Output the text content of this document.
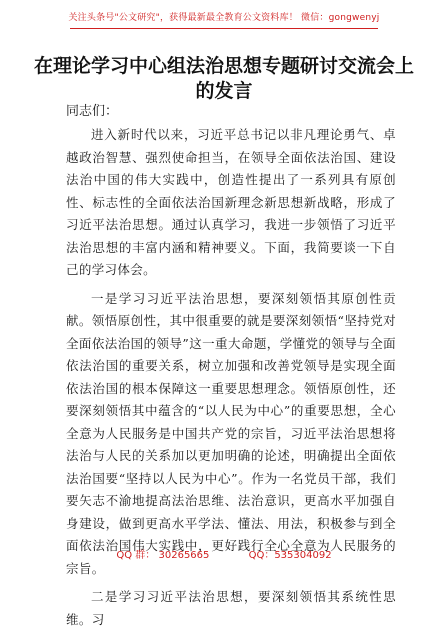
关注头条号"公文研究"，获得最新最全教育公文资料库！ 微信：gongwenyj
在理论学习中心组法治思想专题研讨交流会上的发言
同志们：

进入新时代以来，习近平总书记以非凡理论勇气、卓越政治智慧、强烈使命担当，在领导全面依法治国、建设法治中国的伟大实践中，创造性提出了一系列具有原创性、标志性的全面依法治国新理念新思想新战略，形成了习近平法治思想。通过认真学习，我进一步领悟了习近平法治思想的丰富内涵和精神要义。下面，我简要谈一下自己的学习体会。

一是学习习近平法治思想，要深刻领悟其原创性贡献。领悟原创性，其中很重要的就是要深刻领悟“坚持党对全面依法治国的领导”这一重大命题，学懂党的领导与全面依法治国的重要关系，树立加强和改善党领导是实现全面依法治国的根本保障这一重要思想理念。领悟原创性，还要深刻领悟其中蕴含的“以人民为中心”的重要思想，全心全意为人民服务是中国共产党的宗旨，习近平法治思想将法治与人民的关系加以更加明确的论述，明确提出全面依法治国要“坚持以人民为中心”。作为一名党员干部，我们要矢志不渝地提高法治思维、法治意识，更高水平加强自身建设，做到更高水平学法、懂法、用法，积极参与到全面依法治国伟大实践中，更好践行全心全意为人民服务的宗旨。

二是学习习近平法治思想，要深刻领悟其系统性思维。习

QQ 群： 30265665	QQ：535304092
